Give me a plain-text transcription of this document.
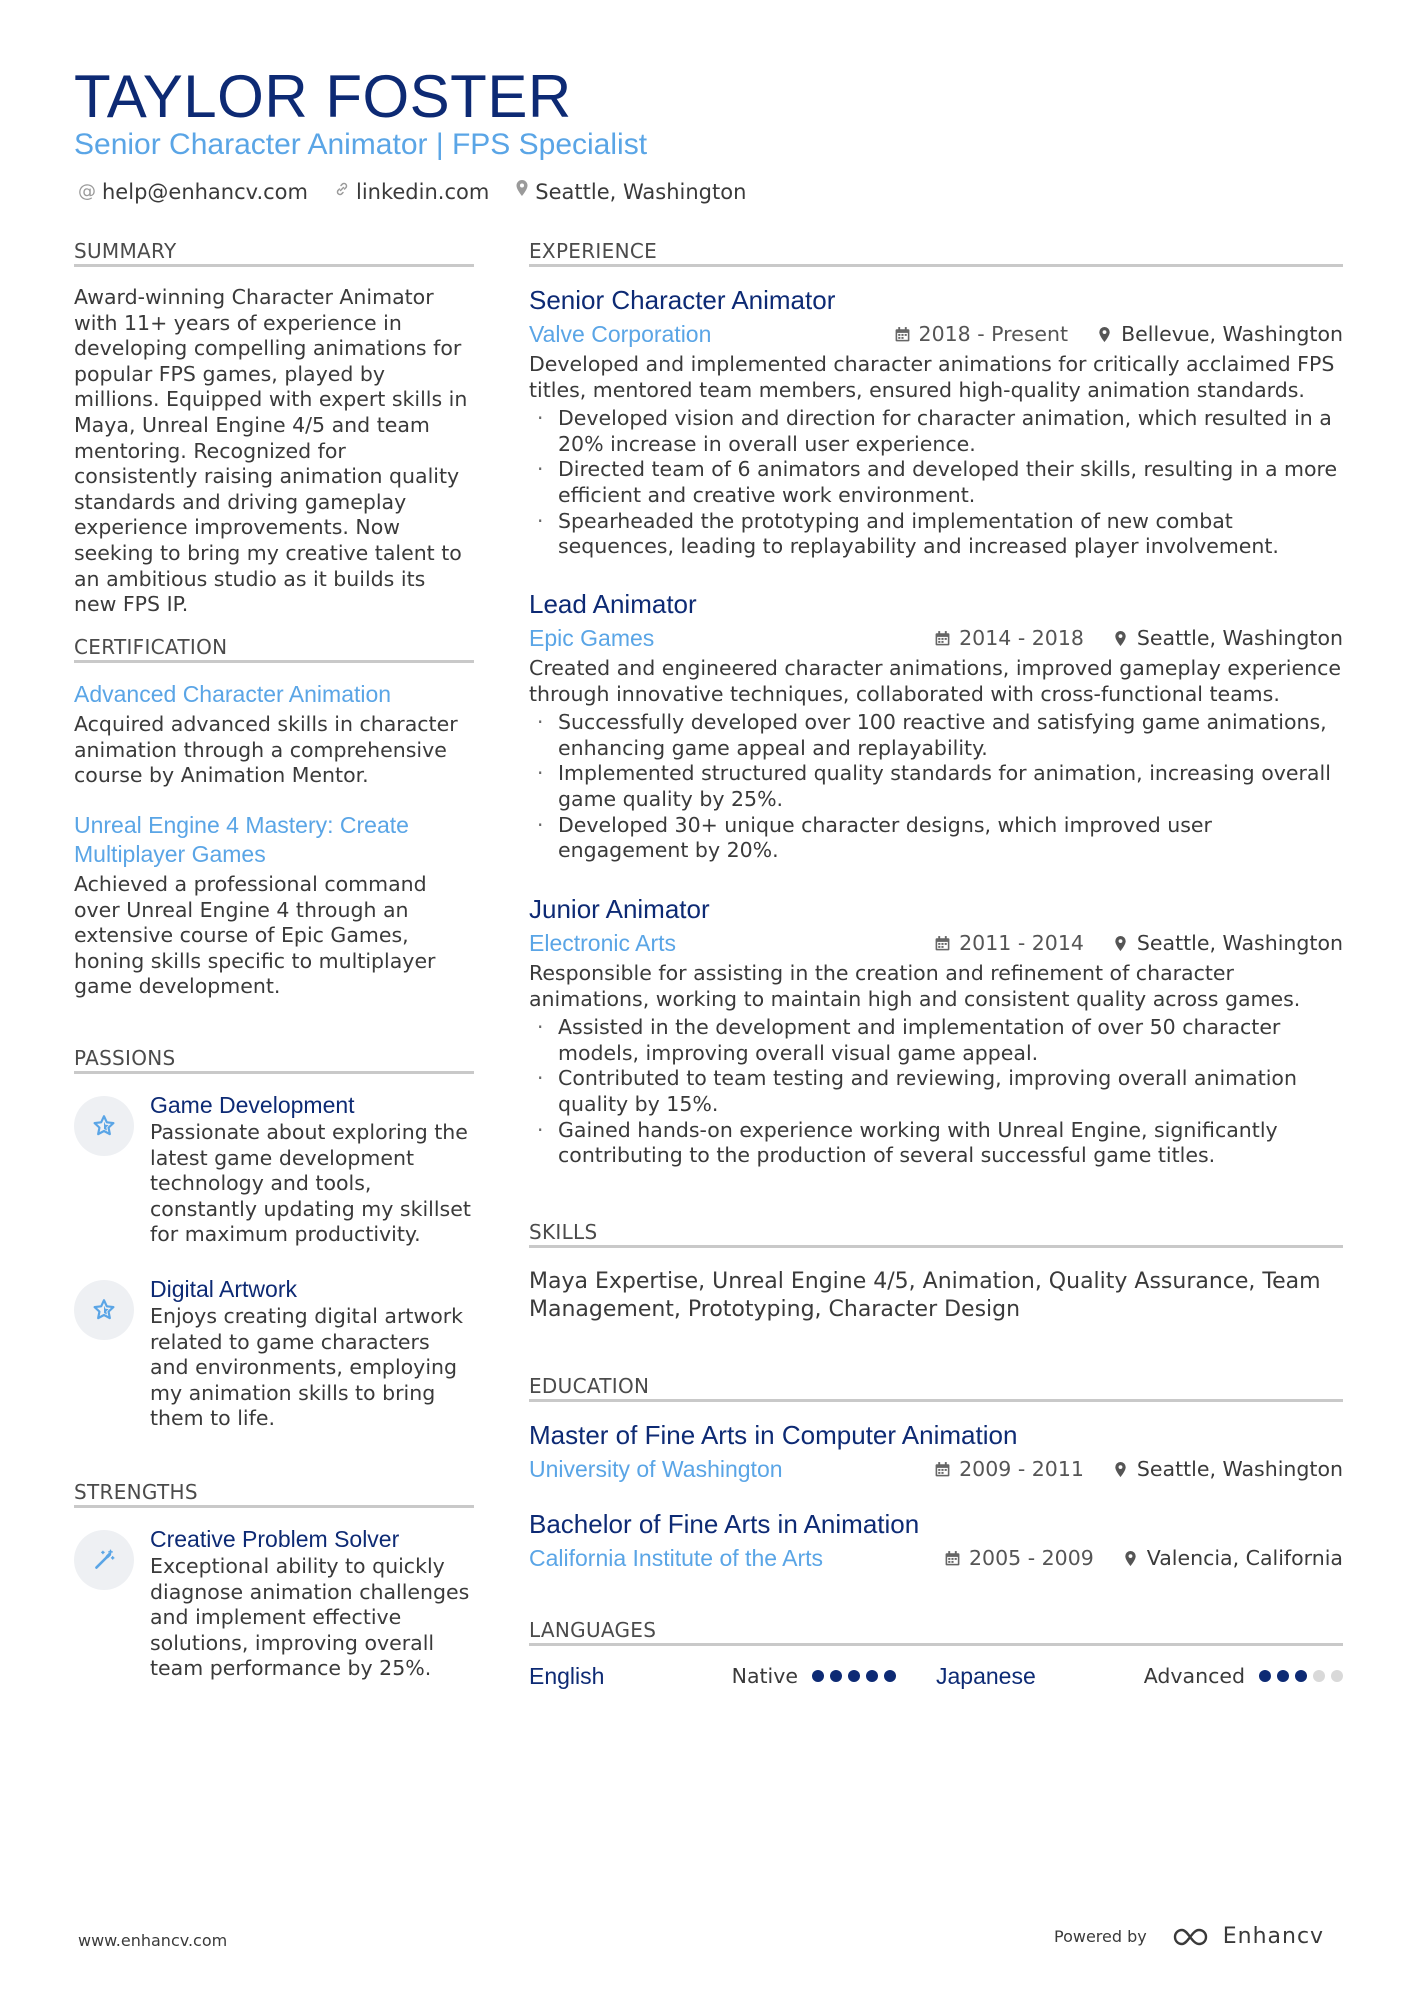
TAYLOR FOSTER
Senior Character Animator | FPS Specialist
@ help@enhancv.com linkedin.com Seattle, Washington
SUMMARY
Award-winning Character Animator with 11+ years of experience in developing compelling animations for popular FPS games, played by millions. Equipped with expert skills in Maya, Unreal Engine 4/5 and team mentoring. Recognized for consistently raising animation quality standards and driving gameplay experience improvements. Now seeking to bring my creative talent to an ambitious studio as it builds its new FPS IP.
CERTIFICATION
Advanced Character Animation
Acquired advanced skills in character animation through a comprehensive course by Animation Mentor.
Unreal Engine 4 Mastery: Create Multiplayer Games
Achieved a professional command over Unreal Engine 4 through an extensive course of Epic Games, honing skills specific to multiplayer game development.
PASSIONS
Game Development
Passionate about exploring the latest game development technology and tools, constantly updating my skillset for maximum productivity.
Digital Artwork
Enjoys creating digital artwork related to game characters and environments, employing my animation skills to bring them to life.
STRENGTHS
Creative Problem Solver
Exceptional ability to quickly diagnose animation challenges and implement effective solutions, improving overall team performance by 25%.
EXPERIENCE
Senior Character Animator
Valve Corporation	2018 - Present	Bellevue, Washington
Developed and implemented character animations for critically acclaimed FPS titles, mentored team members, ensured high-quality animation standards.
· Developed vision and direction for character animation, which resulted in a 20% increase in overall user experience.
· Directed team of 6 animators and developed their skills, resulting in a more efficient and creative work environment.
· Spearheaded the prototyping and implementation of new combat sequences, leading to replayability and increased player involvement.
Lead Animator
Epic Games	2014 - 2018	Seattle, Washington
Created and engineered character animations, improved gameplay experience through innovative techniques, collaborated with cross-functional teams.
· Successfully developed over 100 reactive and satisfying game animations, enhancing game appeal and replayability.
· Implemented structured quality standards for animation, increasing overall game quality by 25%.
· Developed 30+ unique character designs, which improved user engagement by 20%.
Junior Animator
Electronic Arts	2011 - 2014	Seattle, Washington
Responsible for assisting in the creation and refinement of character animations, working to maintain high and consistent quality across games.
· Assisted in the development and implementation of over 50 character models, improving overall visual game appeal.
· Contributed to team testing and reviewing, improving overall animation quality by 15%.
· Gained hands-on experience working with Unreal Engine, significantly contributing to the production of several successful game titles.
SKILLS
Maya Expertise, Unreal Engine 4/5, Animation, Quality Assurance, Team Management, Prototyping, Character Design
EDUCATION
Master of Fine Arts in Computer Animation
University of Washington	2009 - 2011	Seattle, Washington
Bachelor of Fine Arts in Animation
California Institute of the Arts	2005 - 2009	Valencia, California
LANGUAGES
English	Native	Japanese	Advanced
www.enhancv.com	Powered by	Enhancv
